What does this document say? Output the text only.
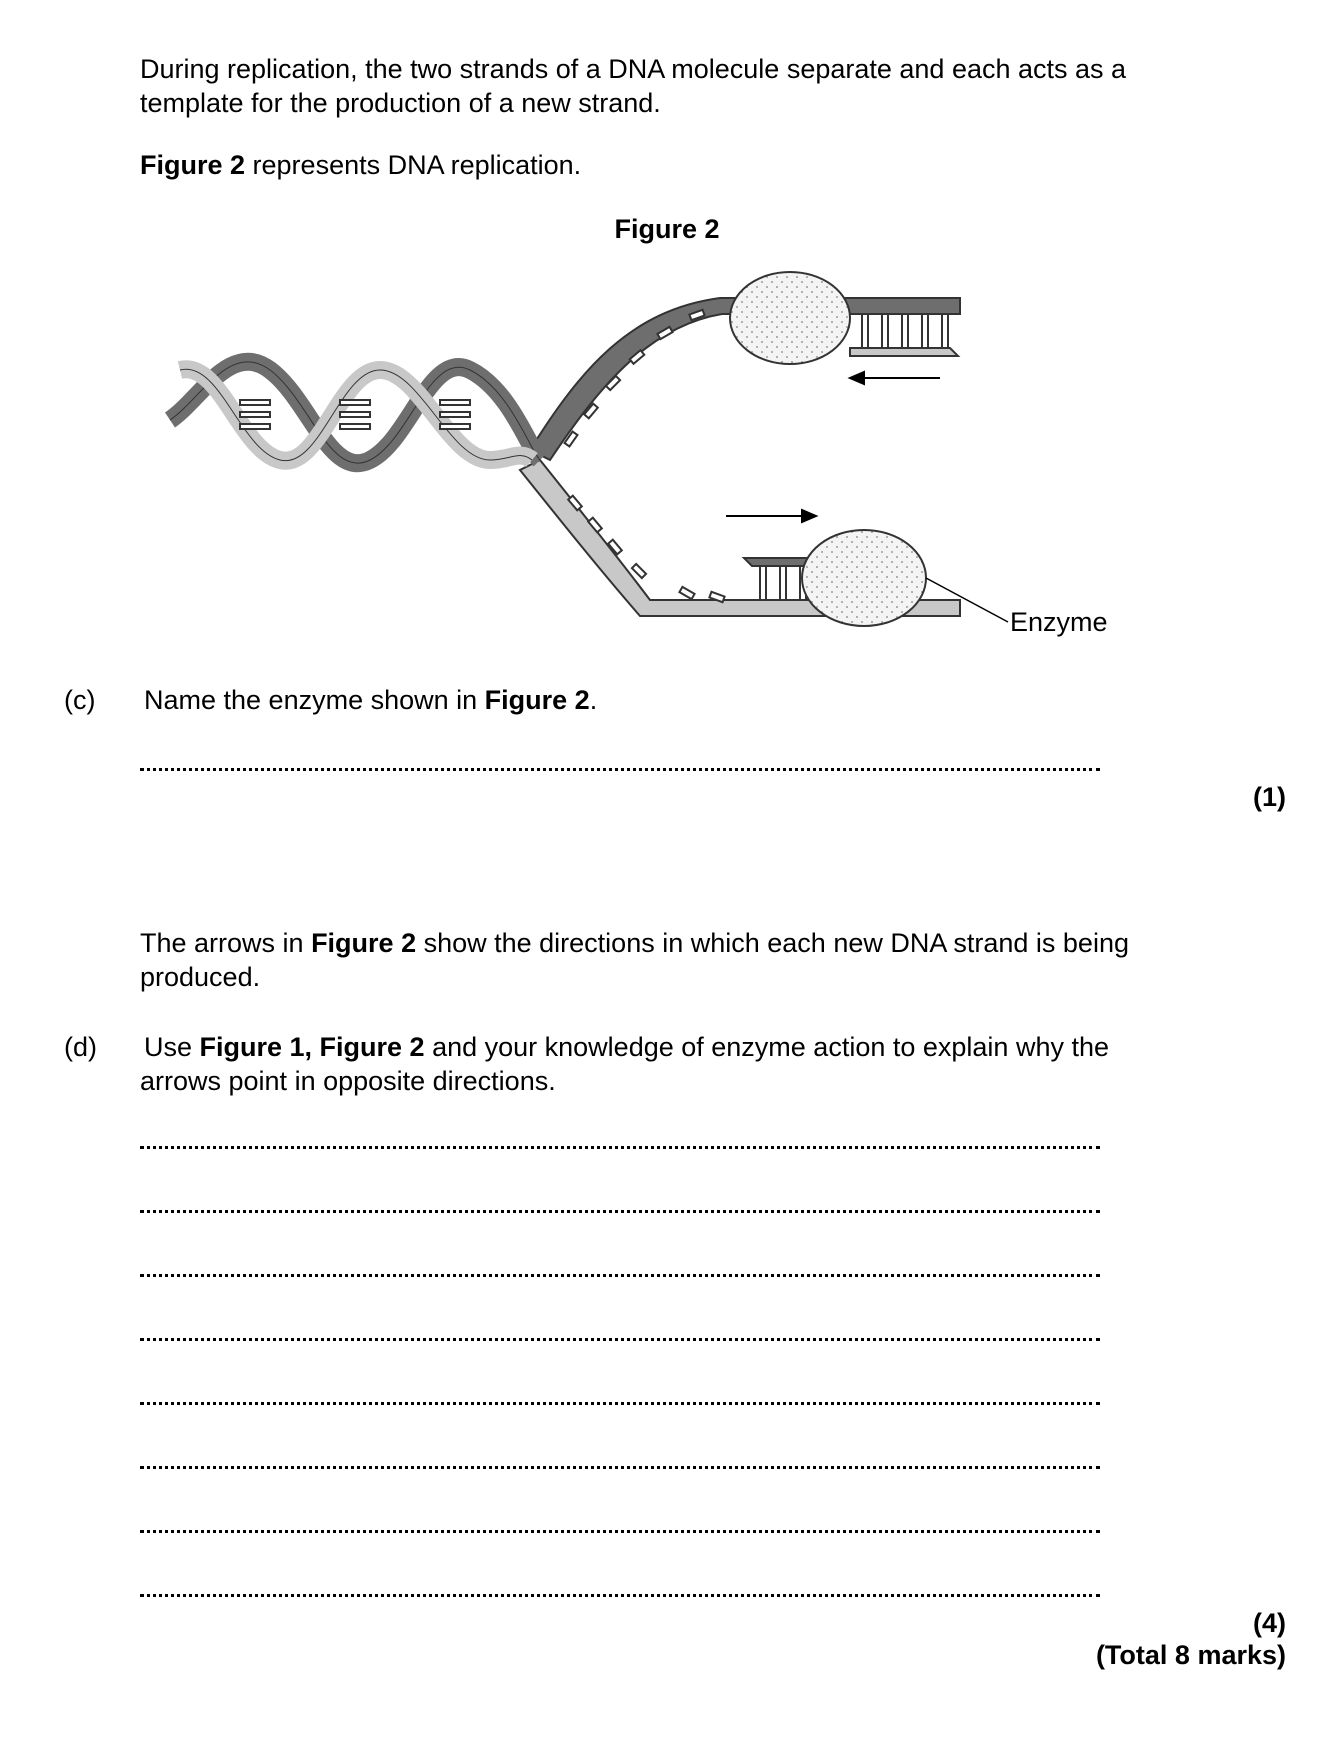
During replication, the two strands of a DNA molecule separate and each acts as a
template for the production of a new strand.

Figure 2 represents DNA replication.

Figure 2
Enzyme
(c) Name the enzyme shown in Figure 2.

(1)

The arrows in Figure 2 show the directions in which each new DNA strand is being
produced.

(d) Use Figure 1, Figure 2 and your knowledge of enzyme action to explain why the

arrows point in opposite directions.

(4)
(Total 8 marks)
